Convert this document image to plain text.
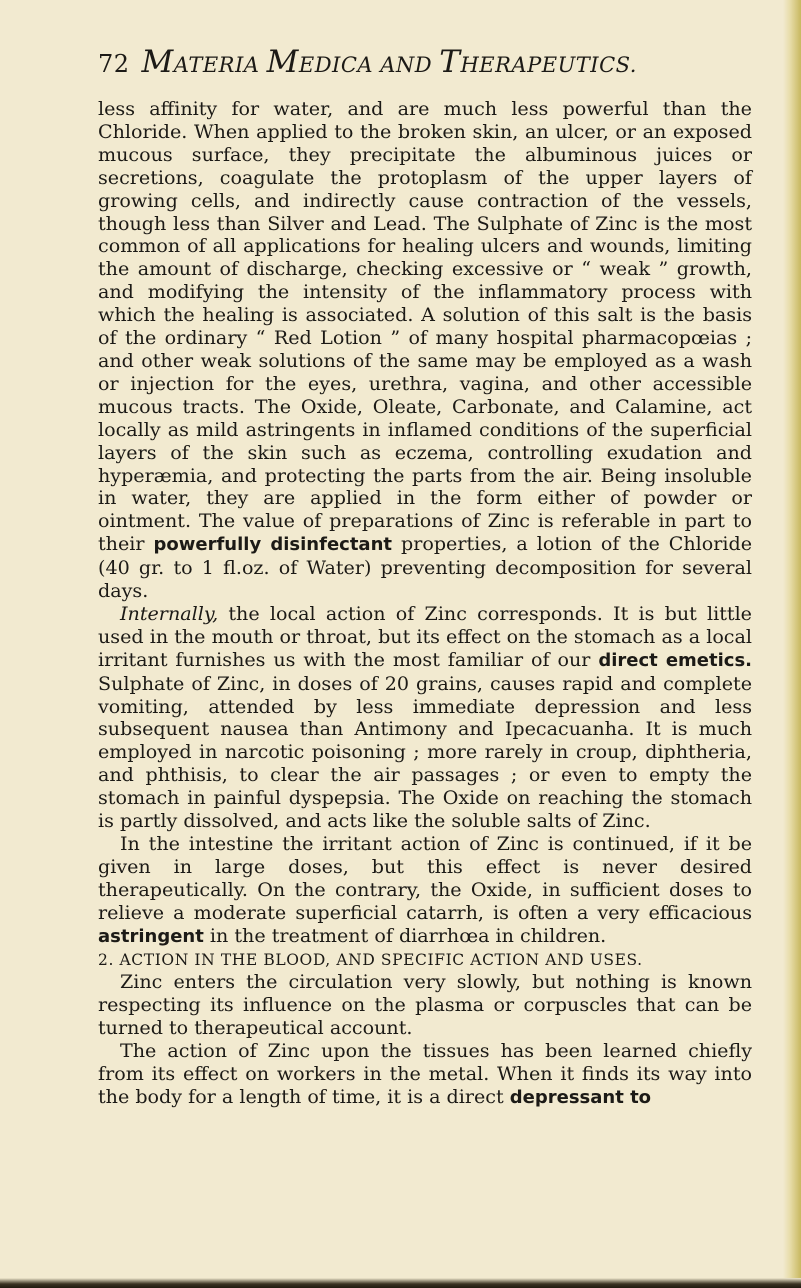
72 MATERIA MEDICA AND THERAPEUTICS.

less affinity for water, and are much less powerful than the Chloride. When applied to the broken skin, an ulcer, or an exposed mucous surface, they precipitate the albuminous juices or secretions, coagulate the protoplasm of the upper layers of growing cells, and indirectly cause contraction of the vessels, though less than Silver and Lead. The Sulphate of Zinc is the most common of all applications for healing ulcers and wounds, limiting the amount of discharge, checking excessive or “ weak ” growth, and modifying the intensity of the inflammatory process with which the healing is associated. A solution of this salt is the basis of the ordinary “ Red Lotion ” of many hospital pharmacopœias ; and other weak solutions of the same may be employed as a wash or injection for the eyes, urethra, vagina, and other accessible mucous tracts. The Oxide, Oleate, Carbonate, and Calamine, act locally as mild astringents in inflamed conditions of the superficial layers of the skin such as eczema, controlling exudation and hyperæmia, and protecting the parts from the air. Being insoluble in water, they are applied in the form either of powder or ointment. The value of preparations of Zinc is referable in part to their powerfully disinfectant properties, a lotion of the Chloride (40 gr. to 1 fl.oz. of Water) preventing decomposition for several days.

Internally, the local action of Zinc corresponds. It is but little used in the mouth or throat, but its effect on the stomach as a local irritant furnishes us with the most familiar of our direct emetics. Sulphate of Zinc, in doses of 20 grains, causes rapid and complete vomiting, attended by less immediate depression and less subsequent nausea than Antimony and Ipecacuanha. It is much employed in narcotic poisoning ; more rarely in croup, diphtheria, and phthisis, to clear the air passages ; or even to empty the stomach in painful dyspepsia. The Oxide on reaching the stomach is partly dissolved, and acts like the soluble salts of Zinc.

In the intestine the irritant action of Zinc is continued, if it be given in large doses, but this effect is never desired therapeutically. On the contrary, the Oxide, in sufficient doses to relieve a moderate superficial catarrh, is often a very efficacious astringent in the treatment of diarrhœa in children.

2. ACTION IN THE BLOOD, AND SPECIFIC ACTION AND USES.

Zinc enters the circulation very slowly, but nothing is known respecting its influence on the plasma or corpuscles that can be turned to therapeutical account.

The action of Zinc upon the tissues has been learned chiefly from its effect on workers in the metal. When it finds its way into the body for a length of time, it is a direct depressant to
